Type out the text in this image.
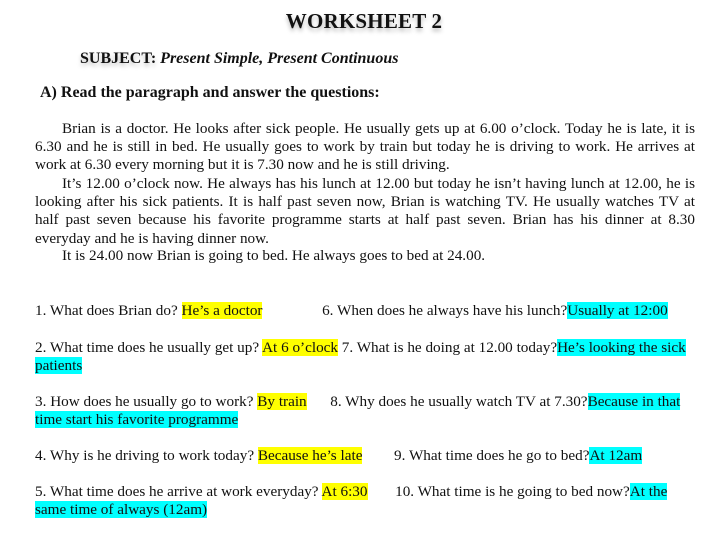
WORKSHEET 2
SUBJECT: Present Simple, Present Continuous
A) Read the paragraph and answer the questions:

Brian is a doctor. He looks after sick people. He usually gets up at 6.00 o’clock. Today he is late, it is 6.30 and he is still in bed. He usually goes to work by train but today he is driving to work. He arrives at work at 6.30 every morning but it is 7.30 now and he is still driving.

It’s 12.00 o’clock now. He always has his lunch at 12.00 but today he isn’t having lunch at 12.00, he is looking after his sick patients. It is half past seven now, Brian is watching TV. He usually watches TV at half past seven because his favorite programme starts at half past seven. Brian has his dinner at 8.30 everyday and he is having dinner now.

It is 24.00 now Brian is going to bed. He always goes to bed at 24.00.

1. What does Brian do? He’s a doctor	6. When does he always have his lunch?Usually at 12:00

2. What time does he usually get up? At 6 o’clock 7. What is he doing at 12.00 today?He’s looking the sick patients

3. How does he usually go to work? By train 8. Why does he usually watch TV at 7.30?Because in that time start his favorite programme

4. Why is he driving to work today? Because he’s late 9. What time does he go to bed?At 12am

5. What time does he arrive at work everyday? At 6:30 10. What time is he going to bed now?At the same time of always (12am)
